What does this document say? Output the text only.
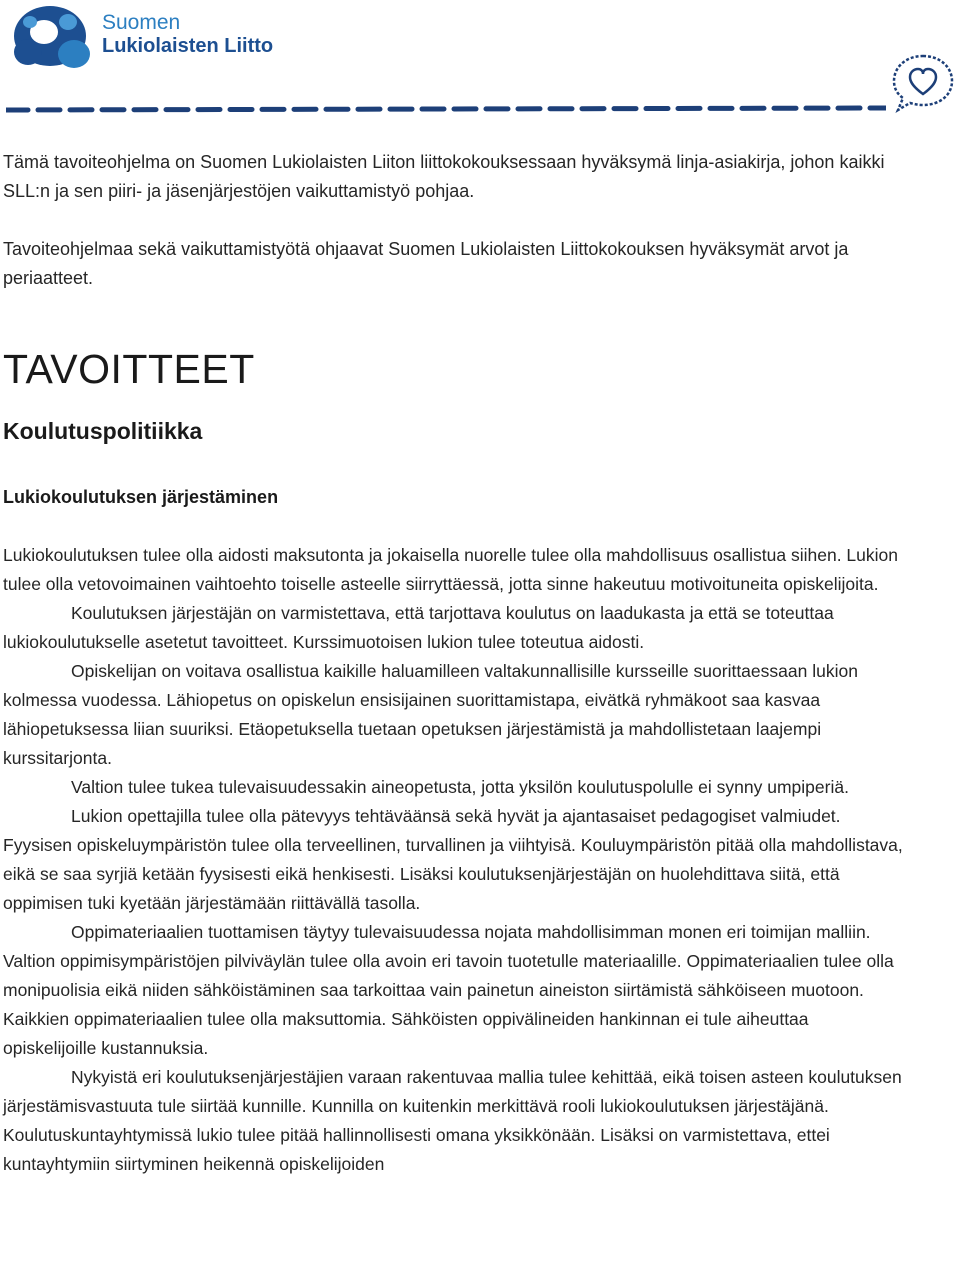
Suomen
Lukiolaisten Liitto

Tämä tavoiteohjelma on Suomen Lukiolaisten Liiton liittokokouksessaan hyväksymä linja-asiakirja, johon kaikki SLL:n ja sen piiri- ja jäsenjärjestöjen vaikuttamistyö pohjaa.

Tavoiteohjelmaa sekä vaikuttamistyötä ohjaavat Suomen Lukiolaisten Liittokokouksen hyväksymät arvot ja periaatteet.

TAVOITTEET
Koulutuspolitiikka
Lukiokoulutuksen järjestäminen

Lukiokoulutuksen tulee olla aidosti maksutonta ja jokaisella nuorelle tulee olla mahdollisuus osallistua siihen. Lukion tulee olla vetovoimainen vaihtoehto toiselle asteelle siirryttäessä, jotta sinne hakeutuu motivoituneita opiskelijoita.

Koulutuksen järjestäjän on varmistettava, että tarjottava koulutus on laadukasta ja että se toteuttaa lukiokoulutukselle asetetut tavoitteet. Kurssimuotoisen lukion tulee toteutua aidosti.

Opiskelijan on voitava osallistua kaikille haluamilleen valtakunnallisille kursseille suorittaessaan lukion kolmessa vuodessa. Lähiopetus on opiskelun ensisijainen suorittamistapa, eivätkä ryhmäkoot saa kasvaa lähiopetuksessa liian suuriksi. Etäopetuksella tuetaan opetuksen järjestämistä ja mahdollistetaan laajempi kurssitarjonta.

Valtion tulee tukea tulevaisuudessakin aineopetusta, jotta yksilön koulutuspolulle ei synny umpiperiä.

Lukion opettajilla tulee olla pätevyys tehtäväänsä sekä hyvät ja ajantasaiset pedagogiset valmiudet. Fyysisen opiskeluympäristön tulee olla terveellinen, turvallinen ja viihtyisä. Kouluympäristön pitää olla mahdollistava, eikä se saa syrjiä ketään fyysisesti eikä henkisesti. Lisäksi koulutuksenjärjestäjän on huolehdittava siitä, että oppimisen tuki kyetään järjestämään riittävällä tasolla.

Oppimateriaalien tuottamisen täytyy tulevaisuudessa nojata mahdollisimman monen eri toimijan malliin. Valtion oppimisympäristöjen pilviväylän tulee olla avoin eri tavoin tuotetulle materiaalille. Oppimateriaalien tulee olla monipuolisia eikä niiden sähköistäminen saa tarkoittaa vain painetun aineiston siirtämistä sähköiseen muotoon. Kaikkien oppimateriaalien tulee olla maksuttomia. Sähköisten oppivälineiden hankinnan ei tule aiheuttaa opiskelijoille kustannuksia.

Nykyistä eri koulutuksenjärjestäjien varaan rakentuvaa mallia tulee kehittää, eikä toisen asteen koulutuksen järjestämisvastuuta tule siirtää kunnille. Kunnilla on kuitenkin merkittävä rooli lukiokoulutuksen järjestäjänä. Koulutuskuntayhtymissä lukio tulee pitää hallinnollisesti omana yksikkönään. Lisäksi on varmistettava, ettei kuntayhtymiin siirtyminen heikennä opiskelijoiden
